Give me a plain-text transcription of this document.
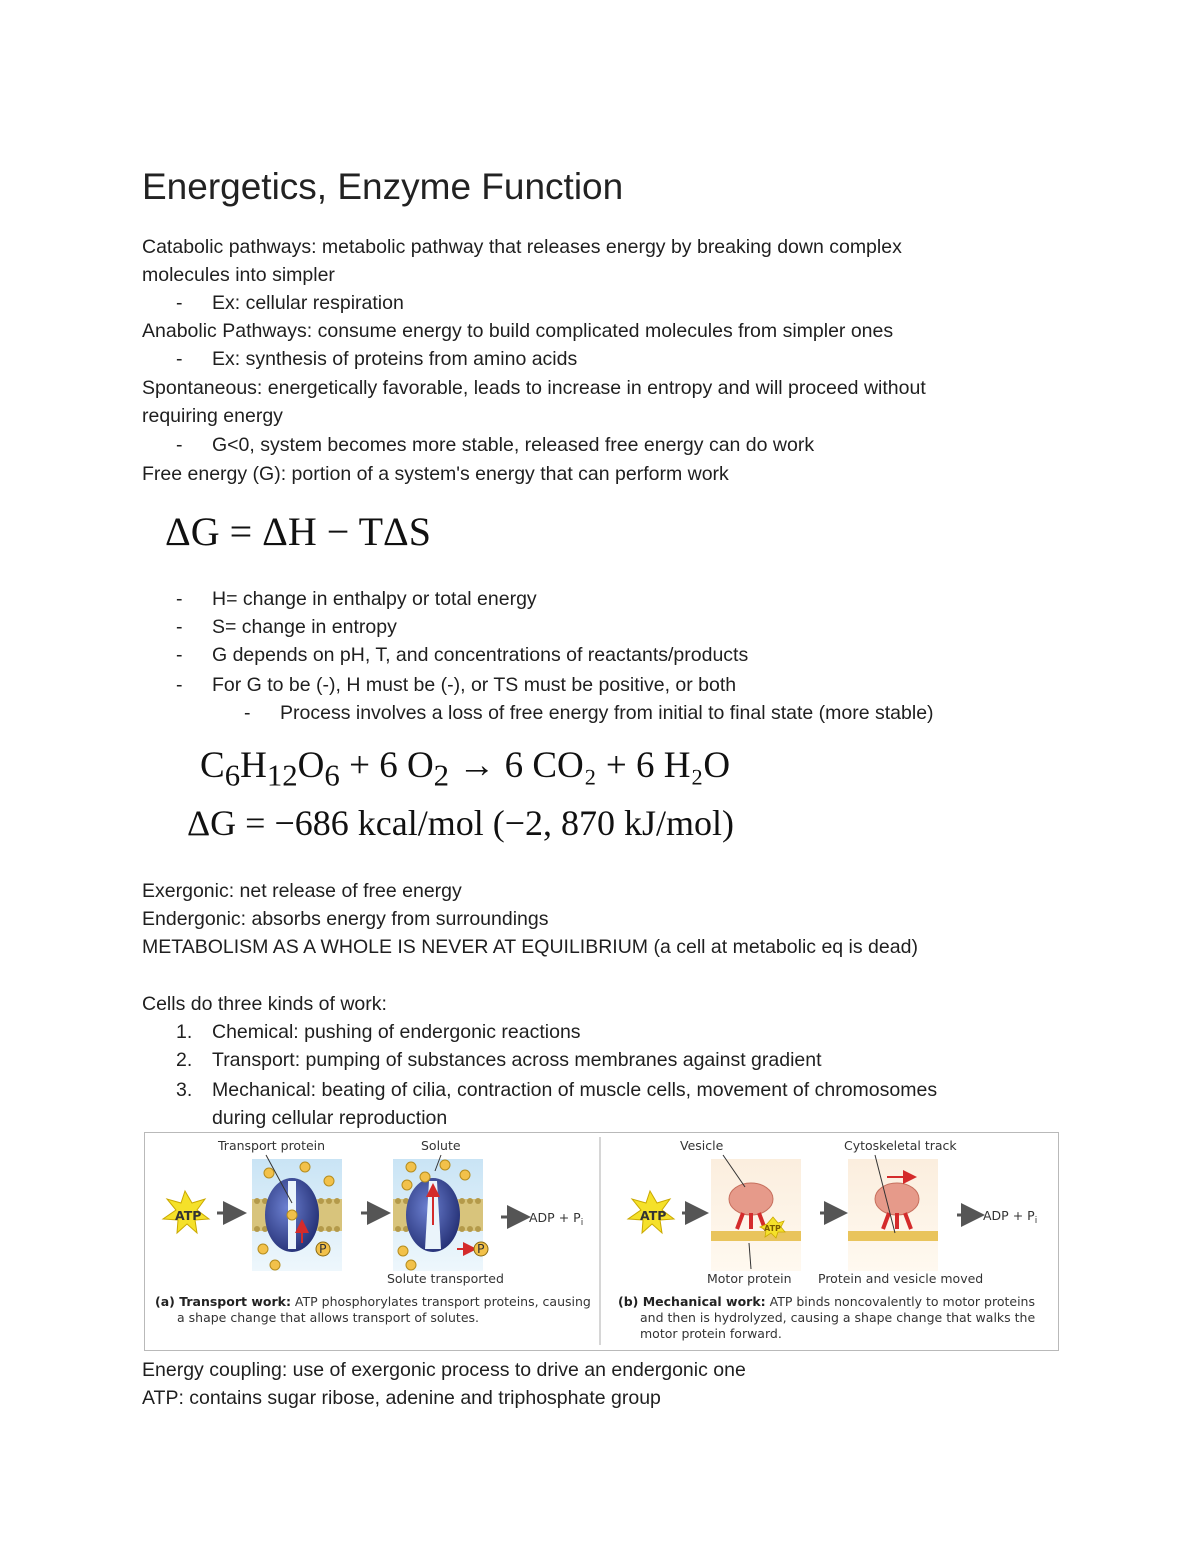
Energetics, Enzyme Function
Catabolic pathways: metabolic pathway that releases energy by breaking down complex
molecules into simpler
- Ex: cellular respiration
Anabolic Pathways: consume energy to build complicated molecules from simpler ones
- Ex: synthesis of proteins from amino acids
Spontaneous: energetically favorable, leads to increase in entropy and will proceed without
requiring energy
- G<0, system becomes more stable, released free energy can do work
Free energy (G): portion of a system's energy that can perform work
ΔG = ΔH − TΔS
- H= change in enthalpy or total energy
- S= change in entropy
- G depends on pH, T, and concentrations of reactants/products
- For G to be (-), H must be (-), or TS must be positive, or both
- Process involves a loss of free energy from initial to final state (more stable)
$C_6H_{12}O_6 + 6$ $O_2 \to 6$ CO₂ + 6 H₂O
ΔG = −686 kcal/mol (−2, 870 kJ/mol)
Exergonic: net release of free energy
Endergonic: absorbs energy from surroundings
METABOLISM AS A WHOLE IS NEVER AT EQUILIBRIUM (a cell at metabolic eq is dead)
Cells do three kinds of work:
1. Chemical: pushing of endergonic reactions
2. Transport: pumping of substances across membranes against gradient
3. Mechanical: beating of cilia, contraction of muscle cells, movement of chromosomes
during cellular reproduction
ATP
P
Transport protein
P
Solute
Solute transported
ADP + $P_i$
(a) Transport work: ATP phosphorylates transport proteins, causing
a shape change that allows transport of solutes.
ATP
ATP
Vesicle
Motor protein
Cytoskeletal track
Protein and vesicle moved
ADP + $P_i$
(b) Mechanical work: ATP binds noncovalently to motor proteins
and then is hydrolyzed, causing a shape change that walks the
motor protein forward.
Energy coupling: use of exergonic process to drive an endergonic one
ATP: contains sugar ribose, adenine and triphosphate group
